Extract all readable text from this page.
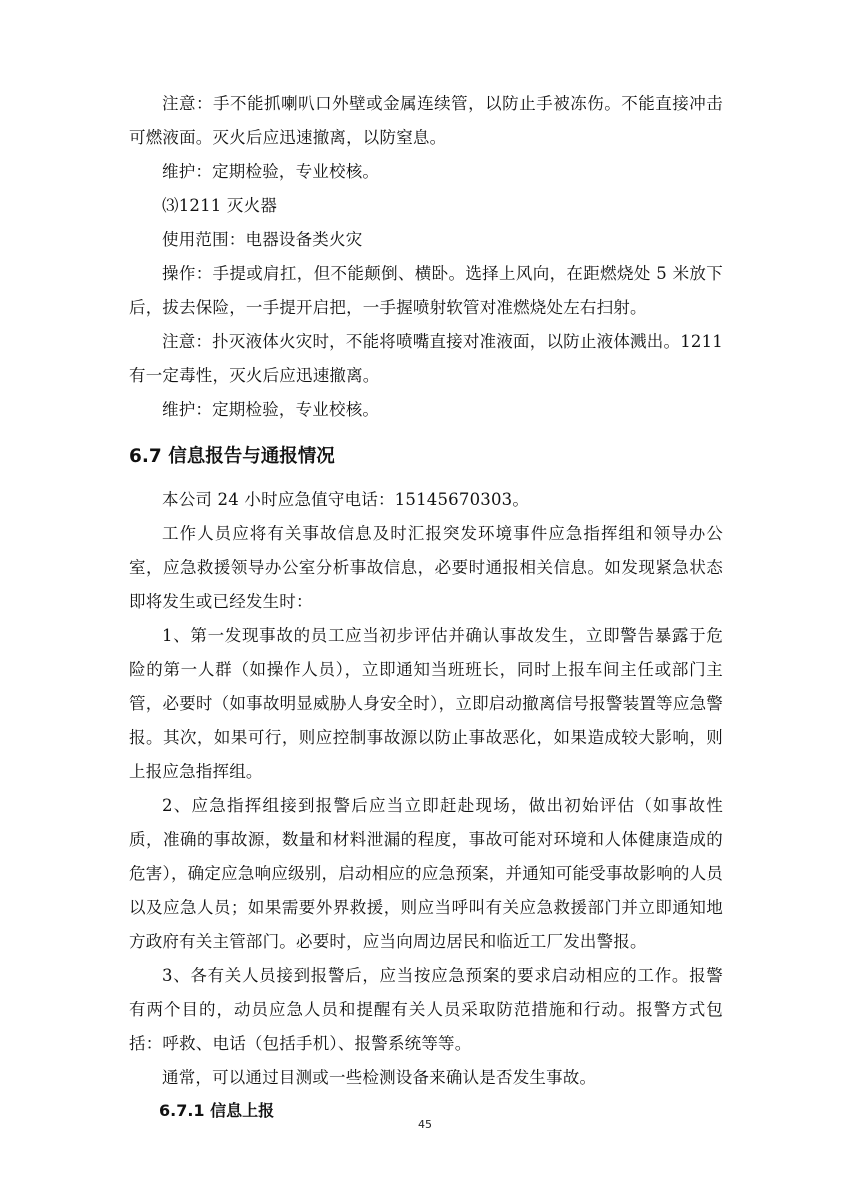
注意：手不能抓喇叭口外壁或金属连续管，以防止手被冻伤。不能直接冲击可燃液面。灭火后应迅速撤离，以防窒息。

维护：定期检验，专业校核。

⑶1211 灭火器

使用范围：电器设备类火灾

操作：手提或肩扛，但不能颠倒、横卧。选择上风向，在距燃烧处 5 米放下后，拔去保险，一手提开启把，一手握喷射软管对准燃烧处左右扫射。

注意：扑灭液体火灾时，不能将喷嘴直接对准液面，以防止液体溅出。1211 有一定毒性，灭火后应迅速撤离。

维护：定期检验，专业校核。

6.7 信息报告与通报情况

本公司 24 小时应急值守电话：15145670303。

工作人员应将有关事故信息及时汇报突发环境事件应急指挥组和领导办公室，应急救援领导办公室分析事故信息，必要时通报相关信息。如发现紧急状态即将发生或已经发生时：

1、第一发现事故的员工应当初步评估并确认事故发生，立即警告暴露于危险的第一人群（如操作人员），立即通知当班班长，同时上报车间主任或部门主管，必要时（如事故明显威胁人身安全时），立即启动撤离信号报警装置等应急警报。其次，如果可行，则应控制事故源以防止事故恶化，如果造成较大影响，则上报应急指挥组。

2、应急指挥组接到报警后应当立即赶赴现场，做出初始评估（如事故性质，准确的事故源，数量和材料泄漏的程度，事故可能对环境和人体健康造成的危害），确定应急响应级别，启动相应的应急预案，并通知可能受事故影响的人员以及应急人员；如果需要外界救援，则应当呼叫有关应急救援部门并立即通知地方政府有关主管部门。必要时，应当向周边居民和临近工厂发出警报。

3、各有关人员接到报警后，应当按应急预案的要求启动相应的工作。报警有两个目的，动员应急人员和提醒有关人员采取防范措施和行动。报警方式包括：呼救、电话（包括手机）、报警系统等等。

通常，可以通过目测或一些检测设备来确认是否发生事故。

6.7.1 信息上报
45
